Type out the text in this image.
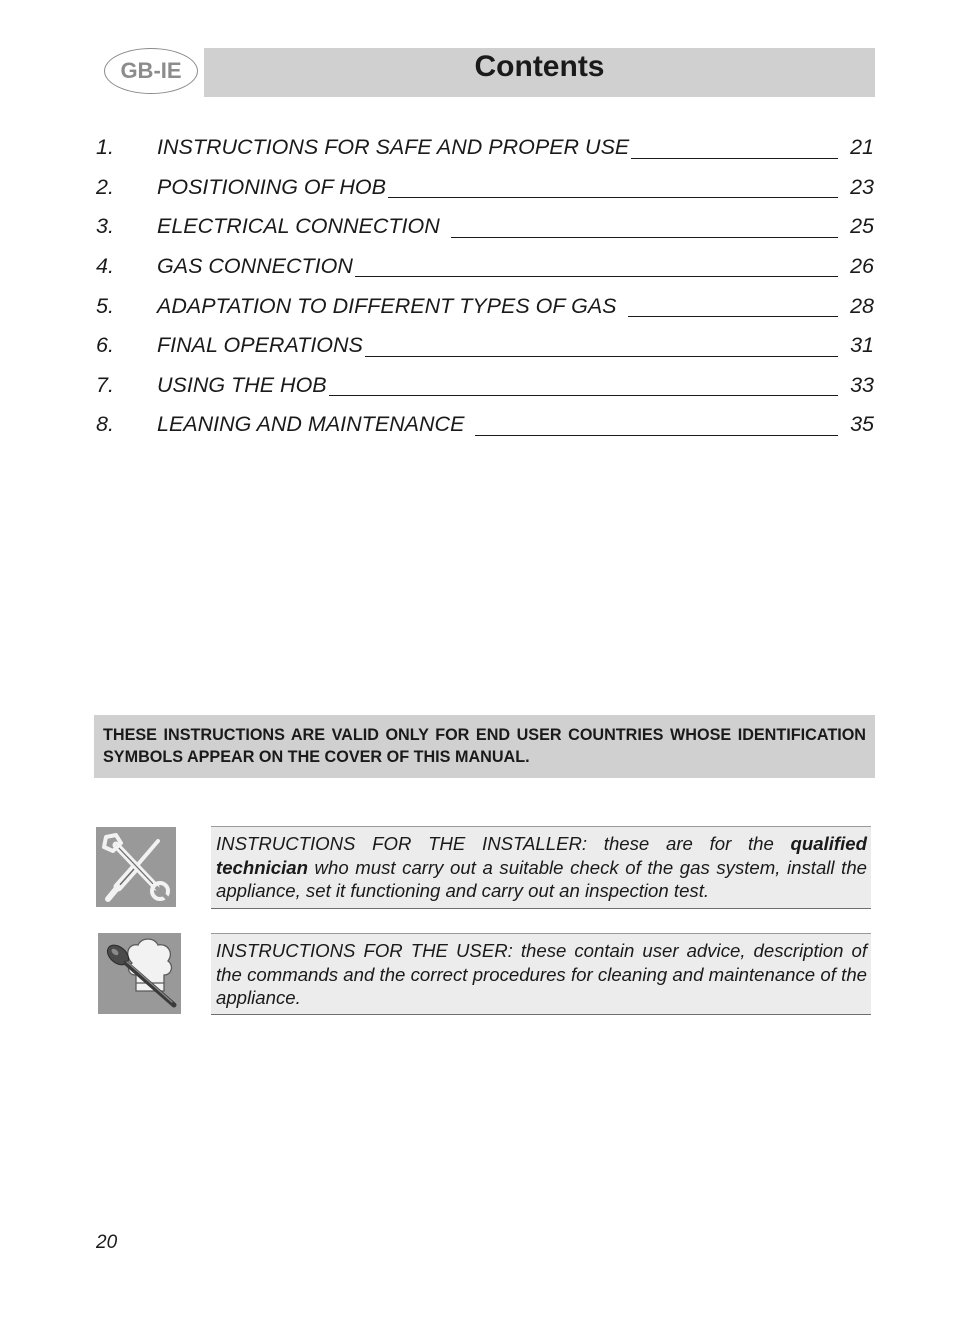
GB-IE	Contents
1.	INSTRUCTIONS FOR SAFE AND PROPER USE	21
2.	POSITIONING OF HOB	23
3.	ELECTRICAL CONNECTION	25
4.	GAS CONNECTION	26
5.	ADAPTATION TO DIFFERENT TYPES OF GAS	28
6.	FINAL OPERATIONS	31
7.	USING THE HOB	33
8.	LEANING AND MAINTENANCE	35
THESE INSTRUCTIONS ARE VALID ONLY FOR END USER COUNTRIES WHOSE IDENTIFICATION SYMBOLS APPEAR ON THE COVER OF THIS MANUAL.
INSTRUCTIONS FOR THE INSTALLER: these are for the qualified technician who must carry out a suitable check of the gas system, install the appliance, set it functioning and carry out an inspection test.
INSTRUCTIONS FOR THE USER: these contain user advice, description of the commands and the correct procedures for cleaning and maintenance of the appliance.
20
